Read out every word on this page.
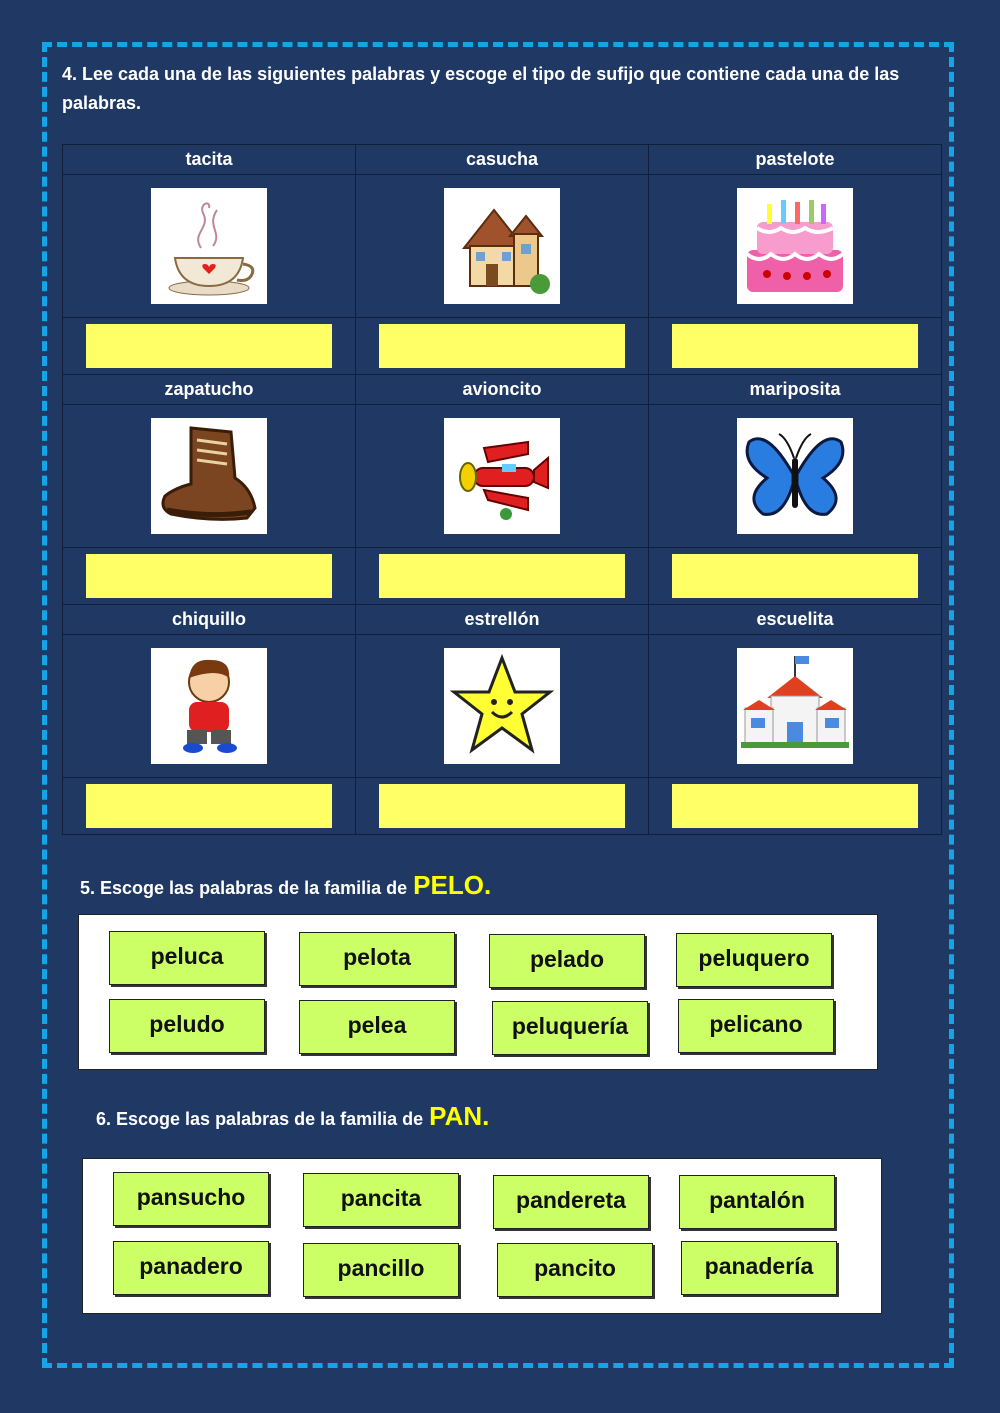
4. Lee cada una de las siguientes palabras y escoge el tipo de sufijo que contiene cada una de las palabras.
tacita	casucha	pastelote

zapatucho	avioncito	mariposita

chiquillo	estrellón	escuelita

5. Escoge las palabras de la familia de PELO.
peluca	pelota	pelado	peluquero
peludo	pelea	peluquería	pelicano
6. Escoge las palabras de la familia de PAN.
pansucho	pancita	pandereta	pantalón
panadero	pancillo	pancito	panadería
